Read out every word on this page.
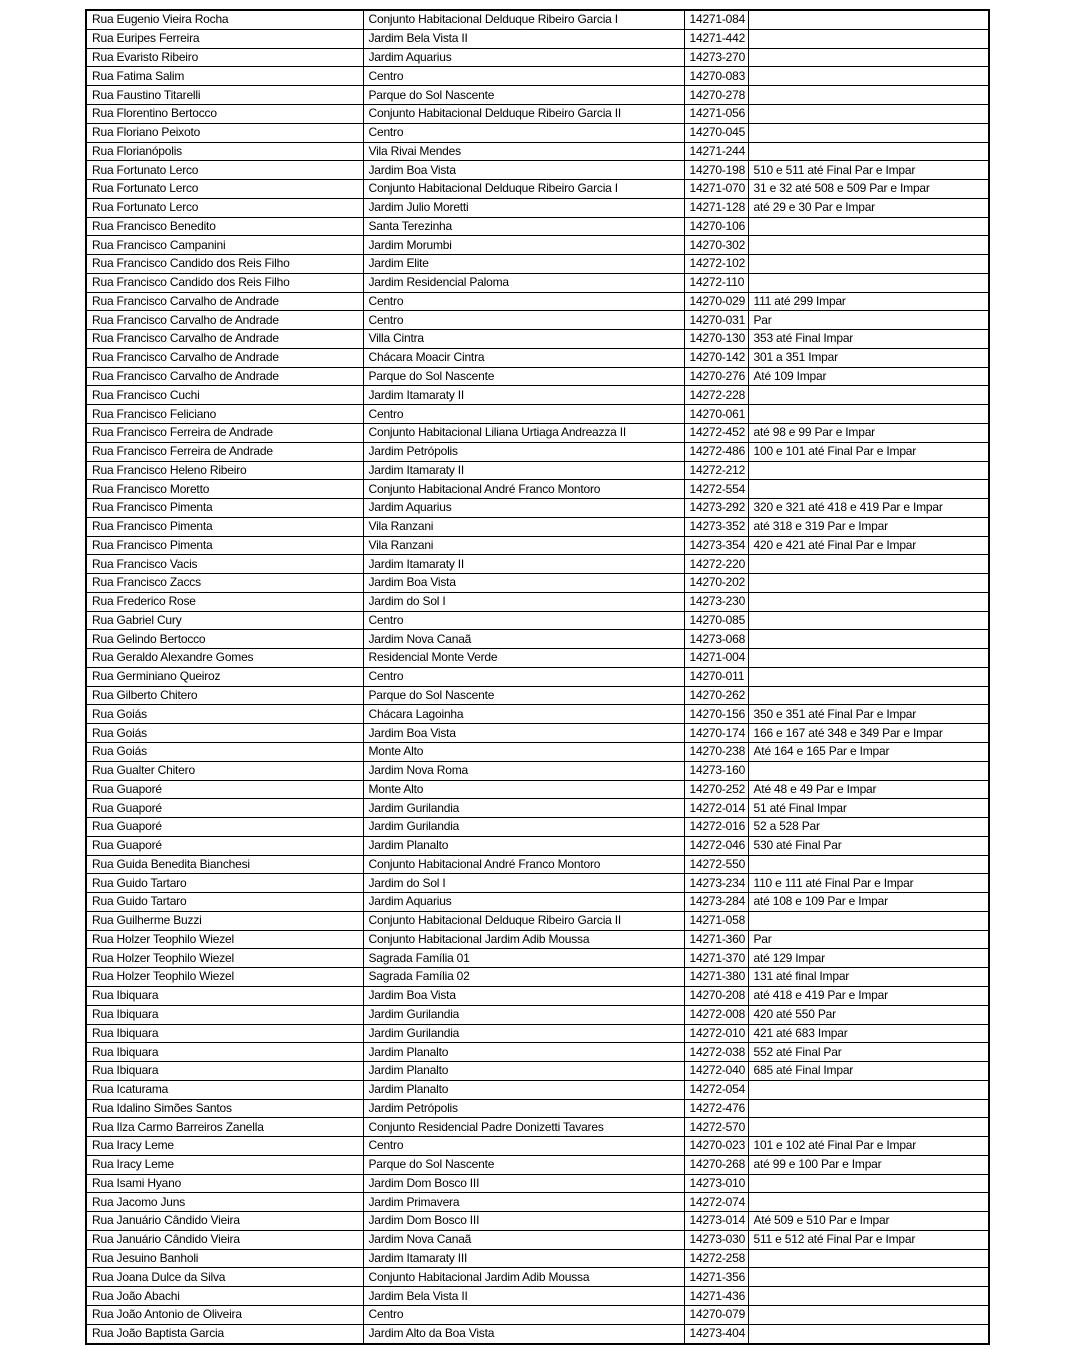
Rua Eugenio Vieira Rocha	Conjunto Habitacional Delduque Ribeiro Garcia I	14271-084	
Rua Euripes Ferreira	Jardim Bela Vista II	14271-442	
Rua Evaristo Ribeiro	Jardim Aquarius	14273-270	
Rua Fatima Salim	Centro	14270-083	
Rua Faustino Titarelli	Parque do Sol Nascente	14270-278	
Rua Florentino Bertocco	Conjunto Habitacional Delduque Ribeiro Garcia II	14271-056	
Rua Floriano Peixoto	Centro	14270-045	
Rua Florianópolis	Vila Rivai Mendes	14271-244	
Rua Fortunato Lerco	Jardim Boa Vista	14270-198	510 e 511 até Final Par e Impar
Rua Fortunato Lerco	Conjunto Habitacional Delduque Ribeiro Garcia I	14271-070	31 e 32 até 508 e 509 Par e Impar
Rua Fortunato Lerco	Jardim Julio Moretti	14271-128	até 29 e 30 Par e Impar
Rua Francisco Benedito	Santa Terezinha	14270-106	
Rua Francisco Campanini	Jardim Morumbi	14270-302	
Rua Francisco Candido dos Reis Filho	Jardim Elite	14272-102	
Rua Francisco Candido dos Reis Filho	Jardim Residencial Paloma	14272-110	
Rua Francisco Carvalho de Andrade	Centro	14270-029	111 até 299 Impar
Rua Francisco Carvalho de Andrade	Centro	14270-031	Par
Rua Francisco Carvalho de Andrade	Villa Cintra	14270-130	353 até Final Impar
Rua Francisco Carvalho de Andrade	Chácara Moacir Cintra	14270-142	301 a 351 Impar
Rua Francisco Carvalho de Andrade	Parque do Sol Nascente	14270-276	Até 109 Impar
Rua Francisco Cuchi	Jardim Itamaraty II	14272-228	
Rua Francisco Feliciano	Centro	14270-061	
Rua Francisco Ferreira de Andrade	Conjunto Habitacional Liliana Urtiaga Andreazza II	14272-452	até 98 e 99 Par e Impar
Rua Francisco Ferreira de Andrade	Jardim Petrópolis	14272-486	100 e 101 até Final Par e Impar
Rua Francisco Heleno Ribeiro	Jardim Itamaraty II	14272-212	
Rua Francisco Moretto	Conjunto Habitacional André Franco Montoro	14272-554	
Rua Francisco Pimenta	Jardim Aquarius	14273-292	320 e 321 até 418 e 419 Par e Impar
Rua Francisco Pimenta	Vila Ranzani	14273-352	até 318 e 319 Par e Impar
Rua Francisco Pimenta	Vila Ranzani	14273-354	420 e 421 até Final Par e Impar
Rua Francisco Vacis	Jardim Itamaraty II	14272-220	
Rua Francisco Zaccs	Jardim Boa Vista	14270-202	
Rua Frederico Rose	Jardim do Sol I	14273-230	
Rua Gabriel Cury	Centro	14270-085	
Rua Gelindo Bertocco	Jardim Nova Canaã	14273-068	
Rua Geraldo Alexandre Gomes	Residencial Monte Verde	14271-004	
Rua Germiniano Queiroz	Centro	14270-011	
Rua Gilberto Chitero	Parque do Sol Nascente	14270-262	
Rua Goiás	Chácara Lagoinha	14270-156	350 e 351 até Final Par e Impar
Rua Goiás	Jardim Boa Vista	14270-174	166 e 167 até 348 e 349 Par e Impar
Rua Goiás	Monte Alto	14270-238	Até 164 e 165 Par e Impar
Rua Gualter Chitero	Jardim Nova Roma	14273-160	
Rua Guaporé	Monte Alto	14270-252	Até 48 e 49 Par e Impar
Rua Guaporé	Jardim Gurilandia	14272-014	51 até Final Impar
Rua Guaporé	Jardim Gurilandia	14272-016	52 a 528 Par
Rua Guaporé	Jardim Planalto	14272-046	530 até Final Par
Rua Guida Benedita Bianchesi	Conjunto Habitacional André Franco Montoro	14272-550	
Rua Guido Tartaro	Jardim do Sol I	14273-234	110 e 111 até Final Par e Impar
Rua Guido Tartaro	Jardim Aquarius	14273-284	até 108 e 109 Par e Impar
Rua Guilherme Buzzi	Conjunto Habitacional Delduque Ribeiro Garcia II	14271-058	
Rua Holzer Teophilo Wiezel	Conjunto Habitacional Jardim Adib Moussa	14271-360	Par
Rua Holzer Teophilo Wiezel	Sagrada Família 01	14271-370	até 129 Impar
Rua Holzer Teophilo Wiezel	Sagrada Família 02	14271-380	131 até final Impar
Rua Ibiquara	Jardim Boa Vista	14270-208	até 418 e 419 Par e Impar
Rua Ibiquara	Jardim Gurilandia	14272-008	420 até 550 Par
Rua Ibiquara	Jardim Gurilandia	14272-010	421 até 683 Impar
Rua Ibiquara	Jardim Planalto	14272-038	552 até Final Par
Rua Ibiquara	Jardim Planalto	14272-040	685 até Final Impar
Rua Icaturama	Jardim Planalto	14272-054	
Rua Idalino Simões Santos	Jardim Petrópolis	14272-476	
Rua Ilza Carmo Barreiros Zanella	Conjunto Residencial Padre Donizetti Tavares	14272-570	
Rua Iracy Leme	Centro	14270-023	101 e 102 até Final Par e Impar
Rua Iracy Leme	Parque do Sol Nascente	14270-268	até 99 e 100 Par e Impar
Rua Isami Hyano	Jardim Dom Bosco III	14273-010	
Rua Jacomo Juns	Jardim Primavera	14272-074	
Rua Januário Cândido Vieira	Jardim Dom Bosco III	14273-014	Até 509 e 510 Par e Impar
Rua Januário Cândido Vieira	Jardim Nova Canaã	14273-030	511 e 512 até Final Par e Impar
Rua Jesuino Banholi	Jardim Itamaraty III	14272-258	
Rua Joana Dulce da Silva	Conjunto Habitacional Jardim Adib Moussa	14271-356	
Rua João Abachi	Jardim Bela Vista II	14271-436	
Rua João Antonio de Oliveira	Centro	14270-079	
Rua João Baptista Garcia	Jardim Alto da Boa Vista	14273-404	
